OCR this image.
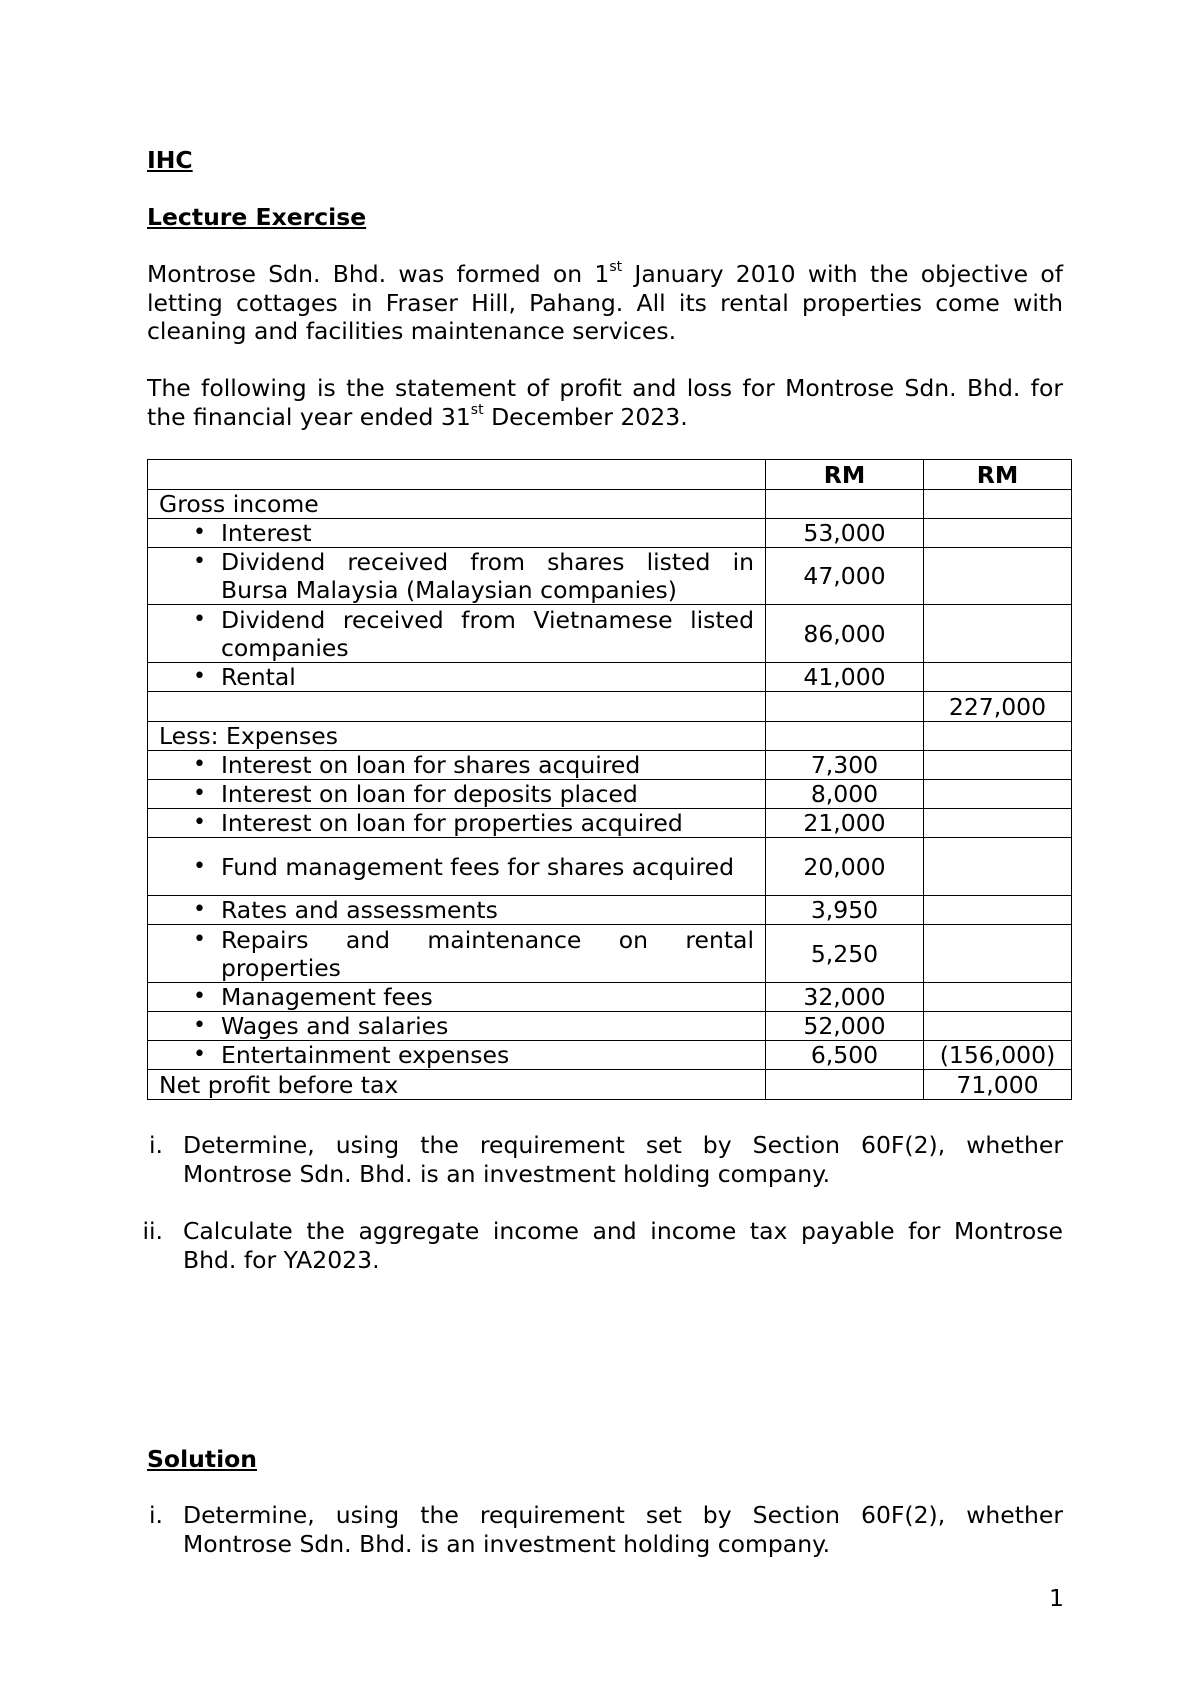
IHC
Lecture Exercise
Montrose Sdn. Bhd. was formed on 1st January 2010 with the objective of letting cottages in Fraser Hill, Pahang. All its rental properties come with cleaning and facilities maintenance services.
The following is the statement of profit and loss for Montrose Sdn. Bhd. for the financial year ended 31st December 2023.
	RM	RM
Gross income		

• Interest	53,000	

• Dividend received from shares listed in Bursa Malaysia (Malaysian companies)	47,000	

• Dividend received from Vietnamese listed companies	86,000	

• Rental	41,000	
		227,000
Less: Expenses		

• Interest on loan for shares acquired	7,300	

• Interest on loan for deposits placed	8,000	

• Interest on loan for properties acquired	21,000	

• Fund management fees for shares acquired	20,000	

• Rates and assessments	3,950	

• Repairs and maintenance on rental properties	5,250	

• Management fees	32,000	

• Wages and salaries	52,000	

• Entertainment expenses	6,500	(156,000)
Net profit before tax		71,000
i. Determine, using the requirement set by Section 60F(2), whether Montrose Sdn. Bhd. is an investment holding company.
ii. Calculate the aggregate income and income tax payable for Montrose Bhd. for YA2023.
Solution
i. Determine, using the requirement set by Section 60F(2), whether Montrose Sdn. Bhd. is an investment holding company.
1
